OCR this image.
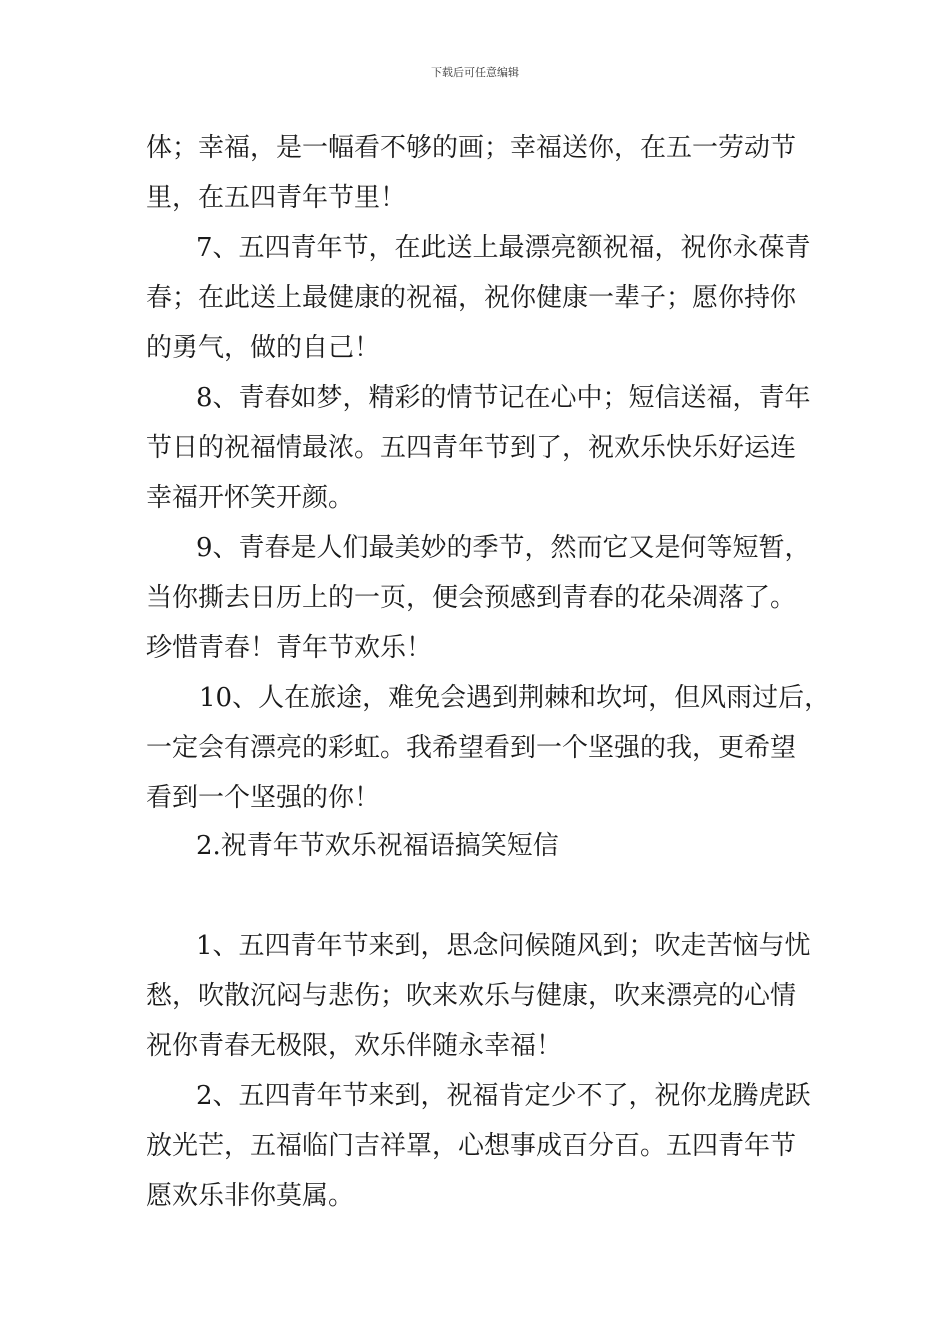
下载后可任意编辑
体；幸福，是一幅看不够的画；幸福送你，在五一劳动节
里，在五四青年节里！
7、五四青年节，在此送上最漂亮额祝福，祝你永葆青
春；在此送上最健康的祝福，祝你健康一辈子；愿你持你
的勇气，做的自己！
8、青春如梦，精彩的情节记在心中；短信送福，青年
节日的祝福情最浓。五四青年节到了，祝欢乐快乐好运连
幸福开怀笑开颜。
9、青春是人们最美妙的季节，然而它又是何等短暂，
当你撕去日历上的一页，便会预感到青春的花朵凋落了。
珍惜青春！青年节欢乐！
10、人在旅途，难免会遇到荆棘和坎坷，但风雨过后，
一定会有漂亮的彩虹。我希望看到一个坚强的我，更希望
看到一个坚强的你！
2.祝青年节欢乐祝福语搞笑短信
1、五四青年节来到，思念问候随风到；吹走苦恼与忧
愁，吹散沉闷与悲伤；吹来欢乐与健康，吹来漂亮的心情
祝你青春无极限，欢乐伴随永幸福！
2、五四青年节来到，祝福肯定少不了，祝你龙腾虎跃
放光芒，五福临门吉祥罩，心想事成百分百。五四青年节
愿欢乐非你莫属。
